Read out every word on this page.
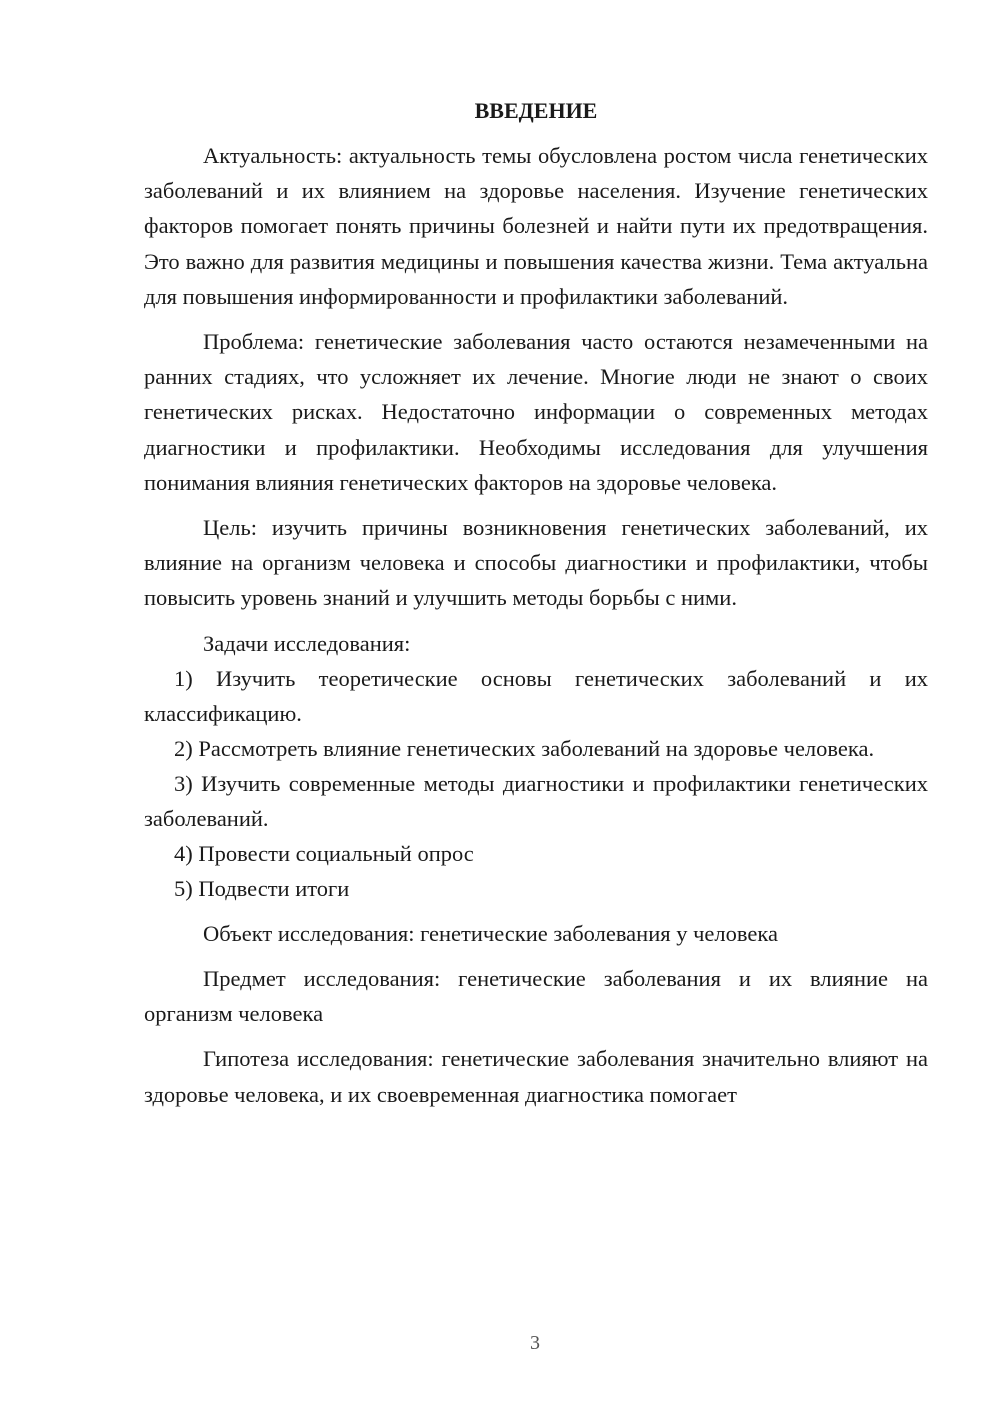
ВВЕДЕНИЕ

Актуальность: актуальность темы обусловлена ростом числа генетических заболеваний и их влиянием на здоровье населения. Изучение генетических факторов помогает понять причины болезней и найти пути их предотвращения. Это важно для развития медицины и повышения качества жизни. Тема актуальна для повышения информированности и профилактики заболеваний.

Проблема: генетические заболевания часто остаются незамеченными на ранних стадиях, что усложняет их лечение. Многие люди не знают о своих генетических рисках. Недостаточно информации о современных методах диагностики и профилактики. Необходимы исследования для улучшения понимания влияния генетических факторов на здоровье человека.

Цель: изучить причины возникновения генетических заболеваний, их влияние на организм человека и способы диагностики и профилактики, чтобы повысить уровень знаний и улучшить методы борьбы с ними.

Задачи исследования:

1) Изучить теоретические основы генетических заболеваний и их классификацию.

2) Рассмотреть влияние генетических заболеваний на здоровье человека.

3) Изучить современные методы диагностики и профилактики генетических заболеваний.

4) Провести социальный опрос

5) Подвести итоги

Объект исследования: генетические заболевания у человека

Предмет исследования: генетические заболевания и их влияние на организм человека

Гипотеза исследования: генетические заболевания значительно влияют на здоровье человека, и их своевременная диагностика помогает

3
